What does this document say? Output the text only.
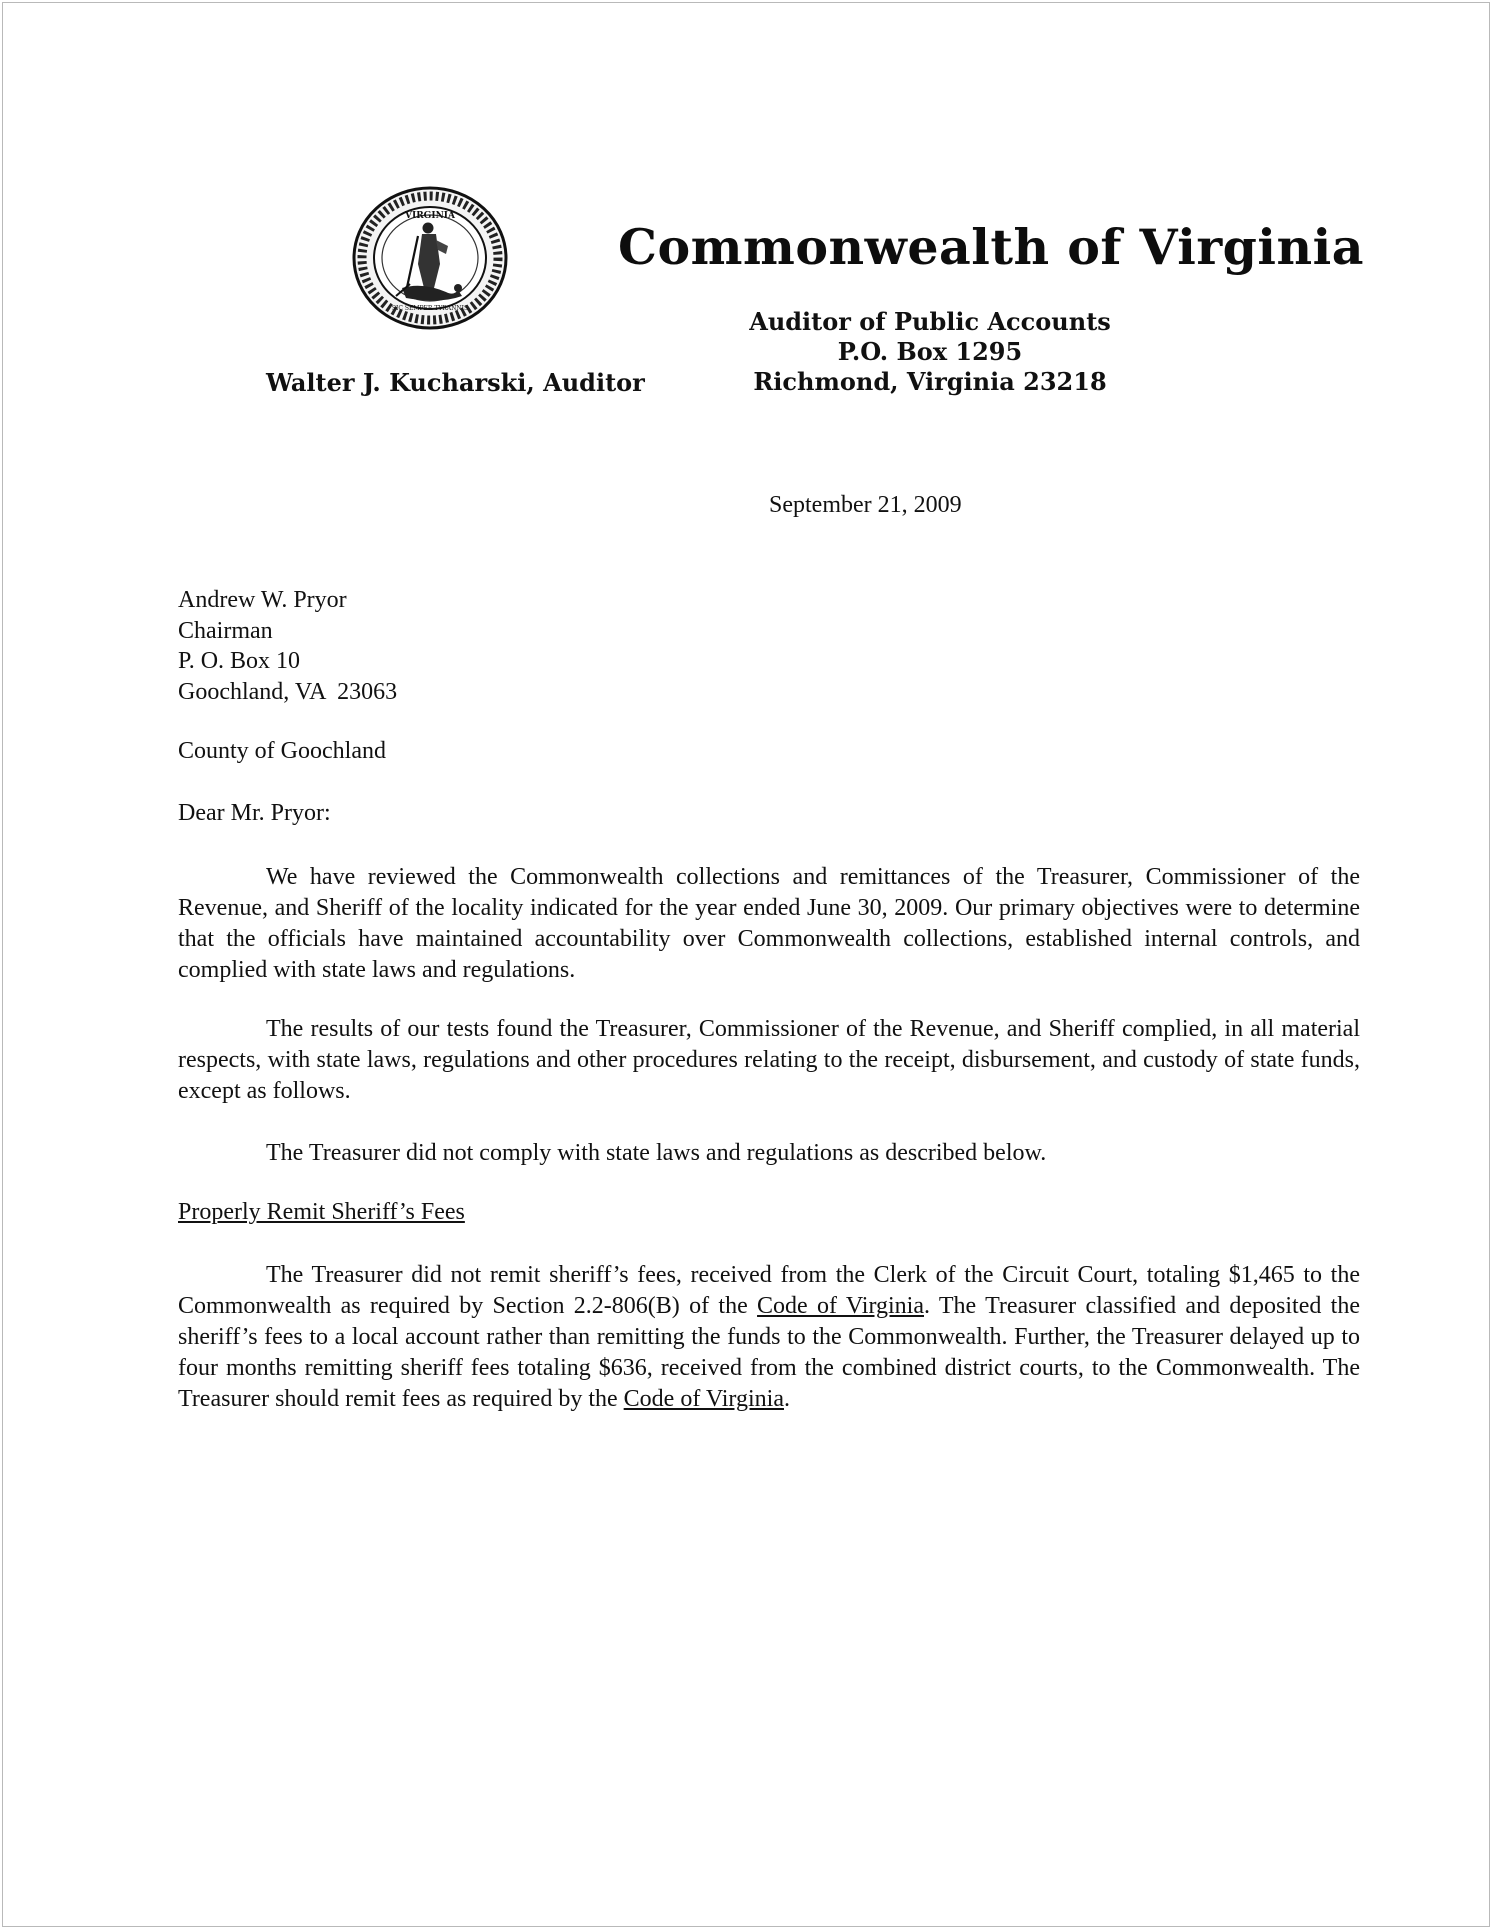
VIRGINIA
SIC SEMPER TYRANNIS
Commonwealth of Virginia
Auditor of Public Accounts
P.O. Box 1295
Richmond, Virginia 23218
Walter J. Kucharski, Auditor
September 21, 2009
Andrew W. Pryor
Chairman
P. O. Box 10
Goochland, VA  23063
County of Goochland
Dear Mr. Pryor:
We have reviewed the Commonwealth collections and remittances of the Treasurer, Commissioner of the Revenue, and Sheriff of the locality indicated for the year ended June 30, 2009. Our primary objectives were to determine that the officials have maintained accountability over Commonwealth collections, established internal controls, and complied with state laws and regulations.
The results of our tests found the Treasurer, Commissioner of the Revenue, and Sheriff complied, in all material respects, with state laws, regulations and other procedures relating to the receipt, disbursement, and custody of state funds, except as follows.
The Treasurer did not comply with state laws and regulations as described below.
Properly Remit Sheriff’s Fees
The Treasurer did not remit sheriff’s fees, received from the Clerk of the Circuit Court, totaling $1,465 to the Commonwealth as required by Section 2.2-806(B) of the Code of Virginia. The Treasurer classified and deposited the sheriff’s fees to a local account rather than remitting the funds to the Commonwealth. Further, the Treasurer delayed up to four months remitting sheriff fees totaling $636, received from the combined district courts, to the Commonwealth. The Treasurer should remit fees as required by the Code of Virginia.
